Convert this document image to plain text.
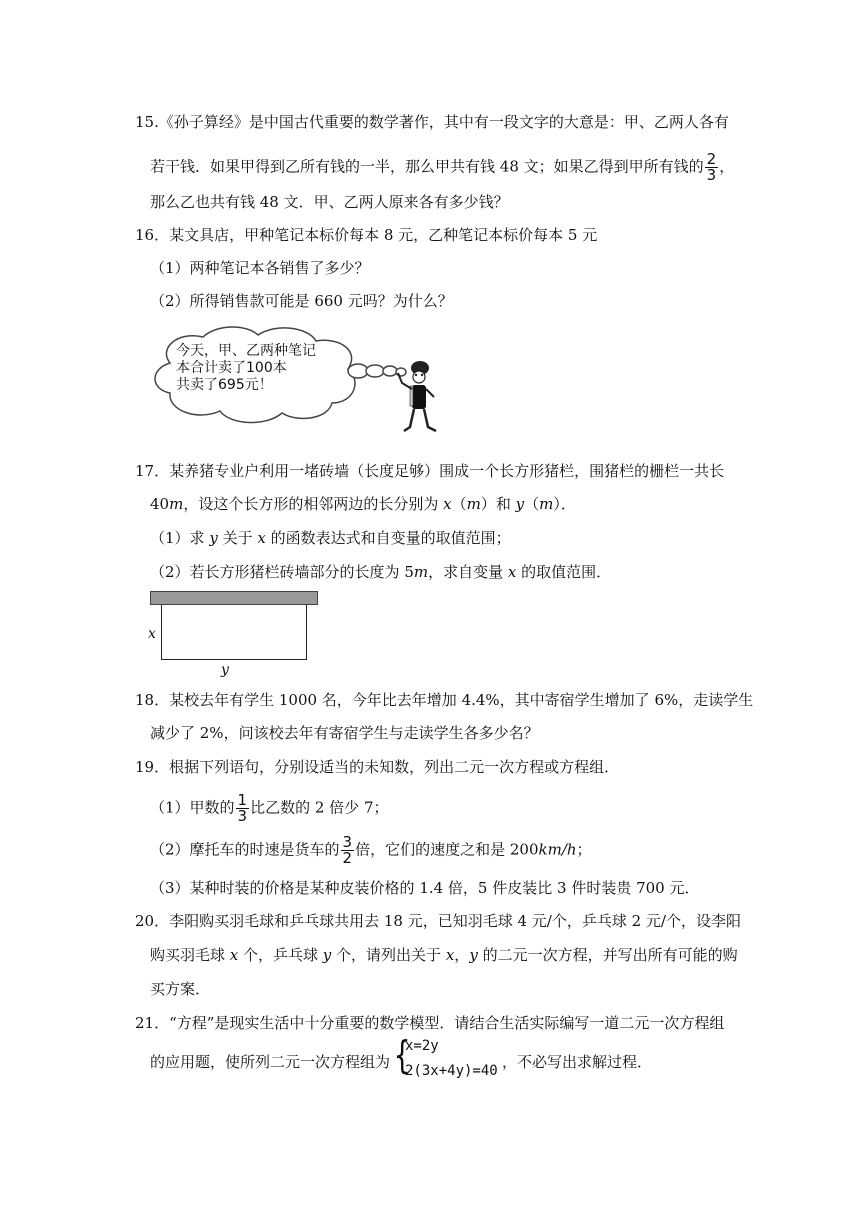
15.《孙子算经》是中国古代重要的数学著作，其中有一段文字的大意是：甲、乙两人各有
若干钱．如果甲得到乙所有钱的一半，那么甲共有钱 48 文；如果乙得到甲所有钱的 $\frac{2}{3}$ ，
那么乙也共有钱 48 文．甲、乙两人原来各有多少钱？
16．某文具店，甲种笔记本标价每本 8 元，乙种笔记本标价每本 5 元
（1）两种笔记本各销售了多少？
（2）所得销售款可能是 660 元吗？为什么？
今天，甲、乙两种笔记
本合计卖了100本
共卖了695元！
17．某养猪专业户利用一堵砖墙（长度足够）围成一个长方形猪栏，围猪栏的栅栏一共长
40m，设这个长方形的相邻两边的长分别为 x（m）和 y（m）．
（1）求 y 关于 x 的函数表达式和自变量的取值范围；
（2）若长方形猪栏砖墙部分的长度为 5m，求自变量 x 的取值范围．
x
y
18．某校去年有学生 1000 名，今年比去年增加 4.4%，其中寄宿学生增加了 6%，走读学生
减少了 2%，问该校去年有寄宿学生与走读学生各多少名？
19．根据下列语句，分别设适当的未知数，列出二元一次方程或方程组．
（1）甲数的 $\frac{1}{3}$ 比乙数的 2 倍少 7；
（2）摩托车的时速是货车的 $\frac{3}{2}$ 倍，它们的速度之和是 200km/h；
（3）某种时装的价格是某种皮装价格的 1.4 倍，5 件皮装比 3 件时装贵 700 元．
20．李阳购买羽毛球和乒乓球共用去 18 元，已知羽毛球 4 元/个，乒乓球 2 元/个，设李阳
购买羽毛球 x 个，乒乓球 y 个，请列出关于 x，y 的二元一次方程，并写出所有可能的购
买方案．
21．“方程”是现实生活中十分重要的数学模型．请结合生活实际编写一道二元一次方程组
的应用题，使所列二元一次方程组为 {
x=2y
2(3x+4y)=40 ，不必写出求解过程．
